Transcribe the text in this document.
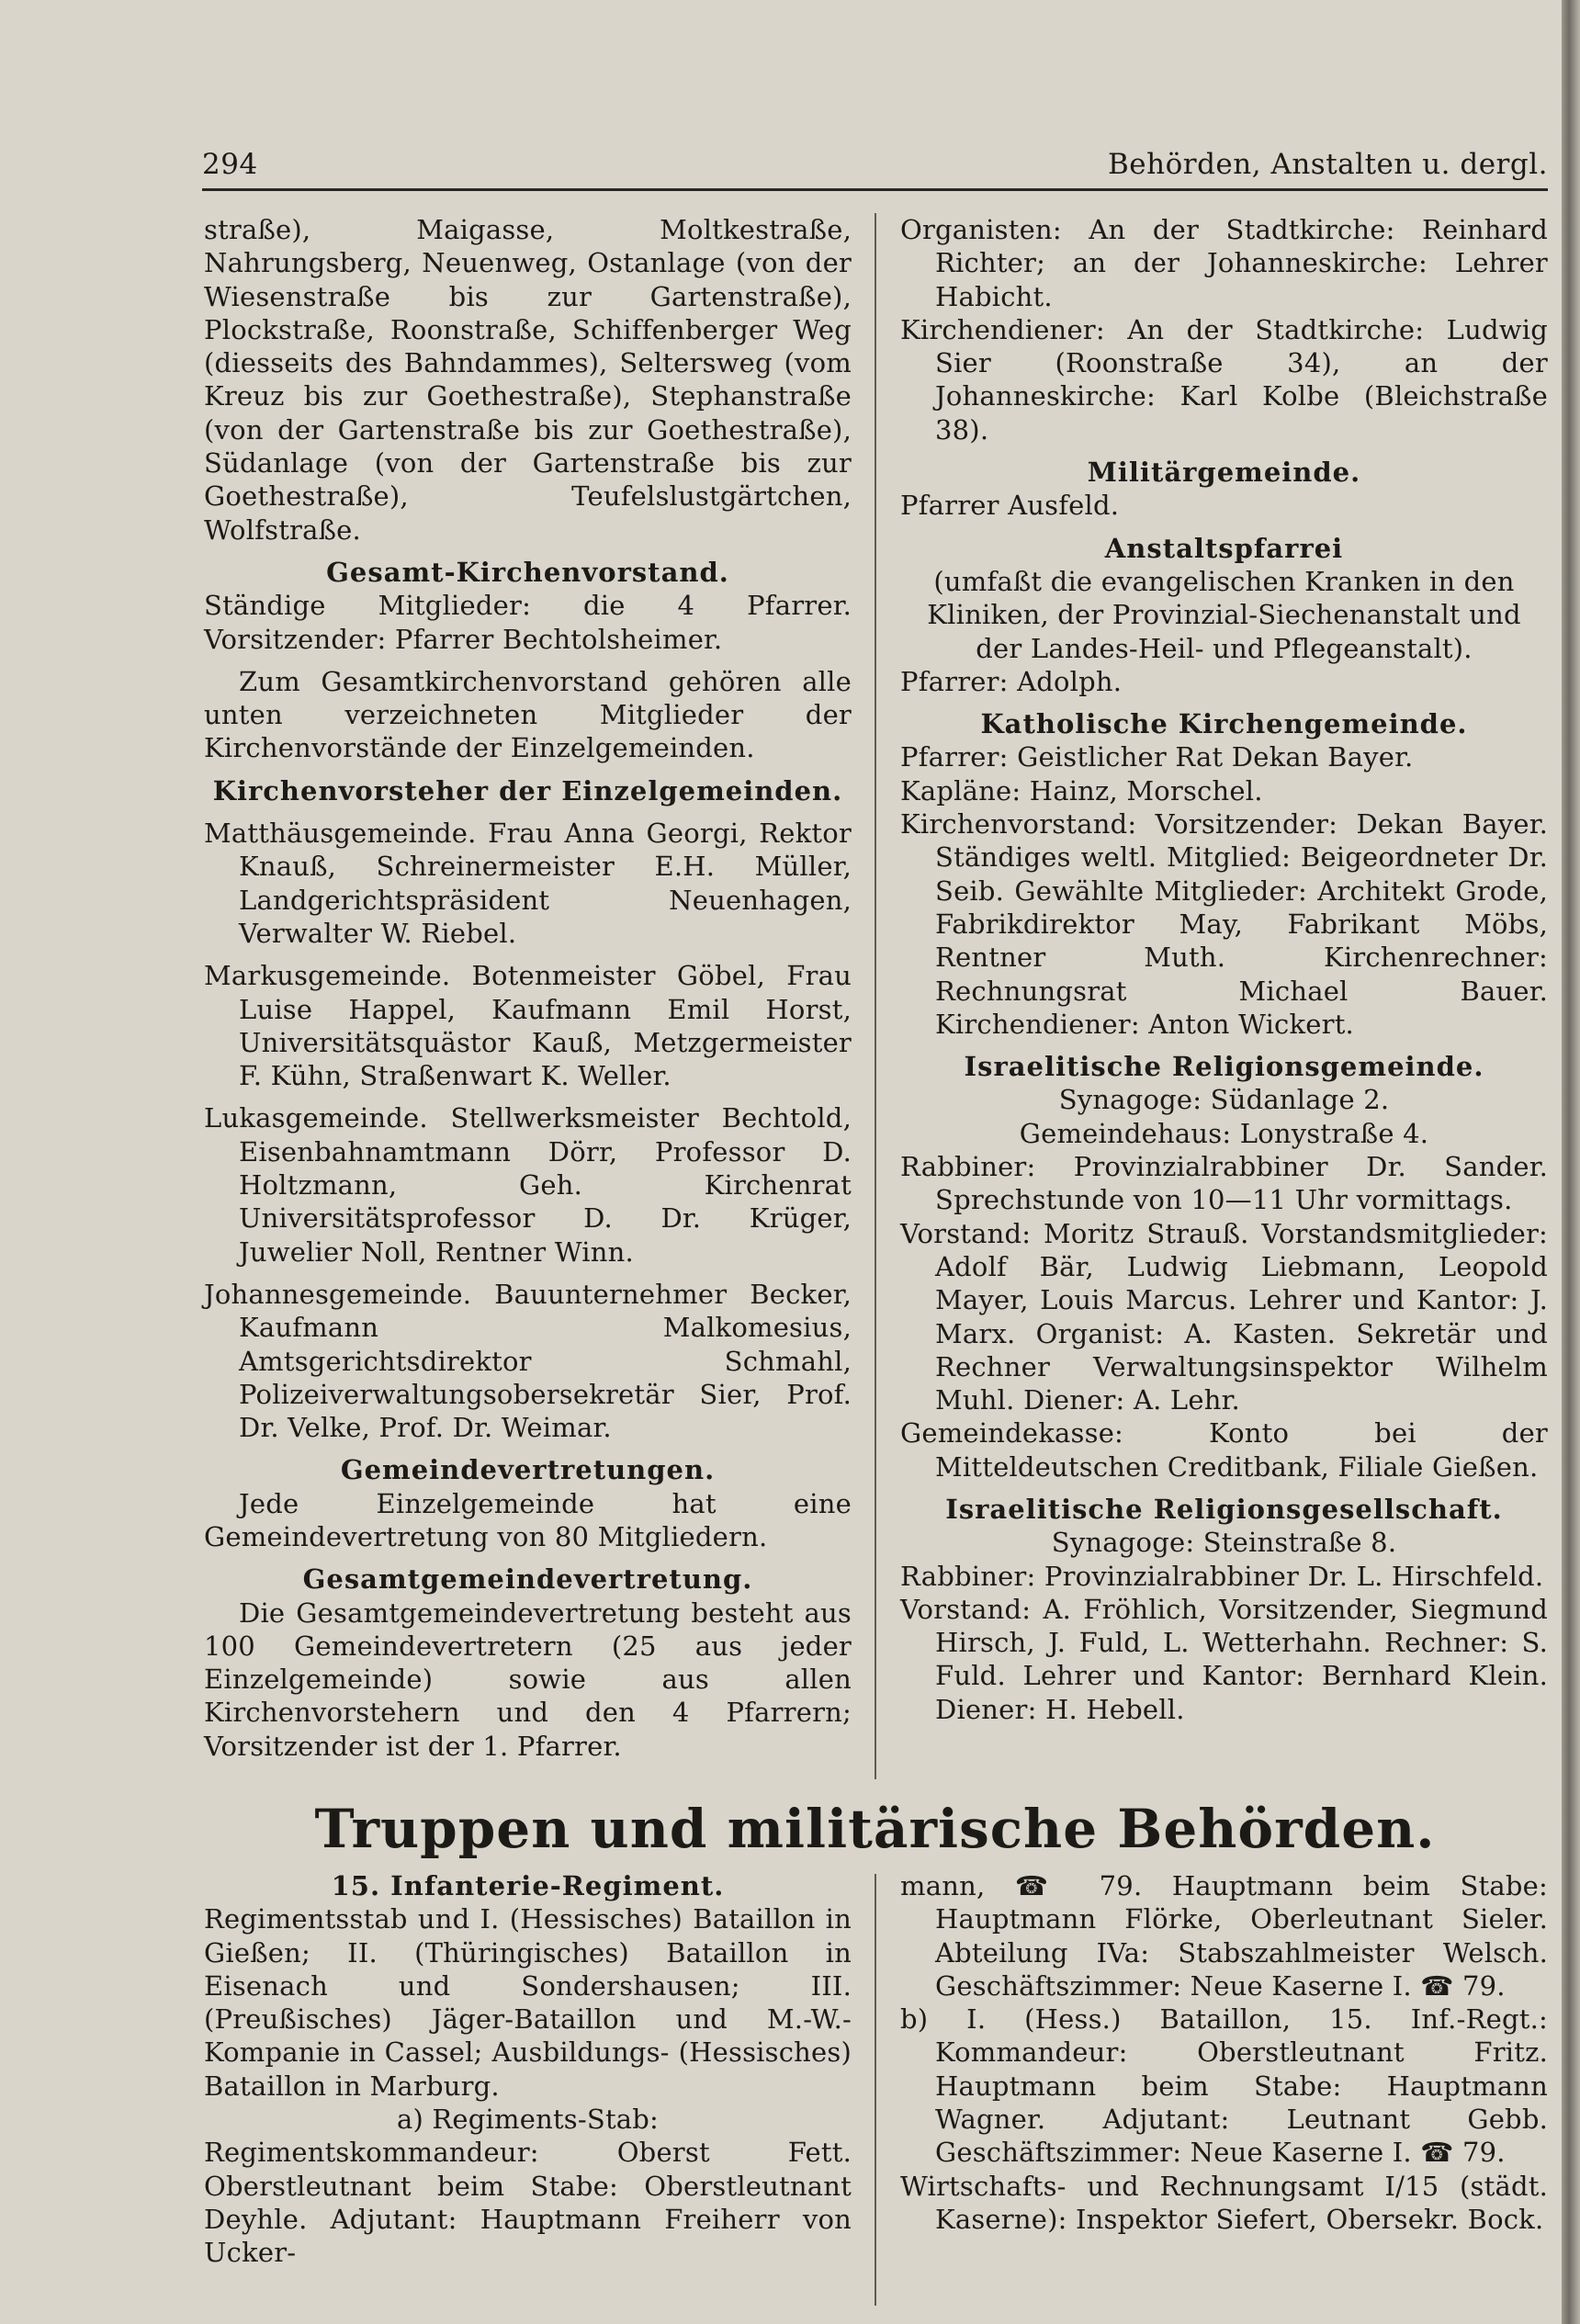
294	Behörden, Anstalten u. dergl.

straße), Maigasse, Moltkestraße, Nahrungsberg, Neuenweg, Ostanlage (von der Wiesenstraße bis zur Gartenstraße), Plockstraße, Roonstraße, Schiffenberger Weg (diesseits des Bahndammes), Seltersweg (vom Kreuz bis zur Goethestraße), Stephanstraße (von der Gartenstraße bis zur Goethestraße), Südanlage (von der Gartenstraße bis zur Goethestraße), Teufelslustgärtchen, Wolfstraße.

Gesamt-Kirchenvorstand.

Ständige Mitglieder: die 4 Pfarrer. Vorsitzender: Pfarrer Bechtolsheimer.

Zum Gesamtkirchenvorstand gehören alle unten verzeichneten Mitglieder der Kirchenvorstände der Einzelgemeinden.

Kirchenvorsteher der Einzelgemeinden.

Matthäusgemeinde. Frau Anna Georgi, Rektor Knauß, Schreinermeister E.H. Müller, Landgerichtspräsident Neuenhagen, Verwalter W. Riebel.

Markusgemeinde. Botenmeister Göbel, Frau Luise Happel, Kaufmann Emil Horst, Universitätsquästor Kauß, Metzgermeister F. Kühn, Straßenwart K. Weller.

Lukasgemeinde. Stellwerksmeister Bechtold, Eisenbahnamtmann Dörr, Professor D. Holtzmann, Geh. Kirchenrat Universitätsprofessor D. Dr. Krüger, Juwelier Noll, Rentner Winn.

Johannesgemeinde. Bauunternehmer Becker, Kaufmann Malkomesius, Amtsgerichtsdirektor Schmahl, Polizeiverwaltungsobersekretär Sier, Prof. Dr. Velke, Prof. Dr. Weimar.

Gemeindevertretungen.

Jede Einzelgemeinde hat eine Gemeindevertretung von 80 Mitgliedern.

Gesamtgemeindevertretung.

Die Gesamtgemeindevertretung besteht aus 100 Gemeindevertretern (25 aus jeder Einzelgemeinde) sowie aus allen Kirchenvorstehern und den 4 Pfarrern; Vorsitzender ist der 1. Pfarrer.

Organisten: An der Stadtkirche: Reinhard Richter; an der Johanneskirche: Lehrer Habicht.

Kirchendiener: An der Stadtkirche: Ludwig Sier (Roonstraße 34), an der Johanneskirche: Karl Kolbe (Bleichstraße 38).

Militärgemeinde.

Pfarrer Ausfeld.

Anstaltspfarrei

(umfaßt die evangelischen Kranken in den Kliniken, der Provinzial-Siechenanstalt und der Landes-Heil- und Pflegeanstalt).

Pfarrer: Adolph.

Katholische Kirchengemeinde.

Pfarrer: Geistlicher Rat Dekan Bayer.

Kapläne: Hainz, Morschel.

Kirchenvorstand: Vorsitzender: Dekan Bayer. Ständiges weltl. Mitglied: Beigeordneter Dr. Seib. Gewählte Mitglieder: Architekt Grode, Fabrikdirektor May, Fabrikant Möbs, Rentner Muth. Kirchenrechner: Rechnungsrat Michael Bauer. Kirchendiener: Anton Wickert.

Israelitische Religionsgemeinde.

Synagoge: Südanlage 2.

Gemeindehaus: Lonystraße 4.

Rabbiner: Provinzialrabbiner Dr. Sander. Sprechstunde von 10—11 Uhr vormittags.

Vorstand: Moritz Strauß. Vorstandsmitglieder: Adolf Bär, Ludwig Liebmann, Leopold Mayer, Louis Marcus. Lehrer und Kantor: J. Marx. Organist: A. Kasten. Sekretär und Rechner Verwaltungsinspektor Wilhelm Muhl. Diener: A. Lehr.

Gemeindekasse: Konto bei der Mitteldeutschen Creditbank, Filiale Gießen.

Israelitische Religionsgesellschaft.

Synagoge: Steinstraße 8.

Rabbiner: Provinzialrabbiner Dr. L. Hirschfeld.

Vorstand: A. Fröhlich, Vorsitzender, Siegmund Hirsch, J. Fuld, L. Wetterhahn. Rechner: S. Fuld. Lehrer und Kantor: Bernhard Klein. Diener: H. Hebell.

Truppen und militärische Behörden.

15. Infanterie-Regiment.

Regimentsstab und I. (Hessisches) Bataillon in Gießen; II. (Thüringisches) Bataillon in Eisenach und Sondershausen; III. (Preußisches) Jäger-Bataillon und M.-W.-Kompanie in Cassel; Ausbildungs- (Hessisches) Bataillon in Marburg.

a) Regiments-Stab:

Regimentskommandeur: Oberst Fett. Oberstleutnant beim Stabe: Oberstleutnant Deyhle. Adjutant: Hauptmann Freiherr von Ucker-

mann, ☎ 79. Hauptmann beim Stabe: Hauptmann Flörke, Oberleutnant Sieler. Abteilung IVa: Stabszahlmeister Welsch. Geschäftszimmer: Neue Kaserne I. ☎ 79.

b) I. (Hess.) Bataillon, 15. Inf.-Regt.: Kommandeur: Oberstleutnant Fritz. Hauptmann beim Stabe: Hauptmann Wagner. Adjutant: Leutnant Gebb. Geschäftszimmer: Neue Kaserne I. ☎ 79.

Wirtschafts- und Rechnungsamt I/15 (städt. Kaserne): Inspektor Siefert, Obersekr. Bock.
